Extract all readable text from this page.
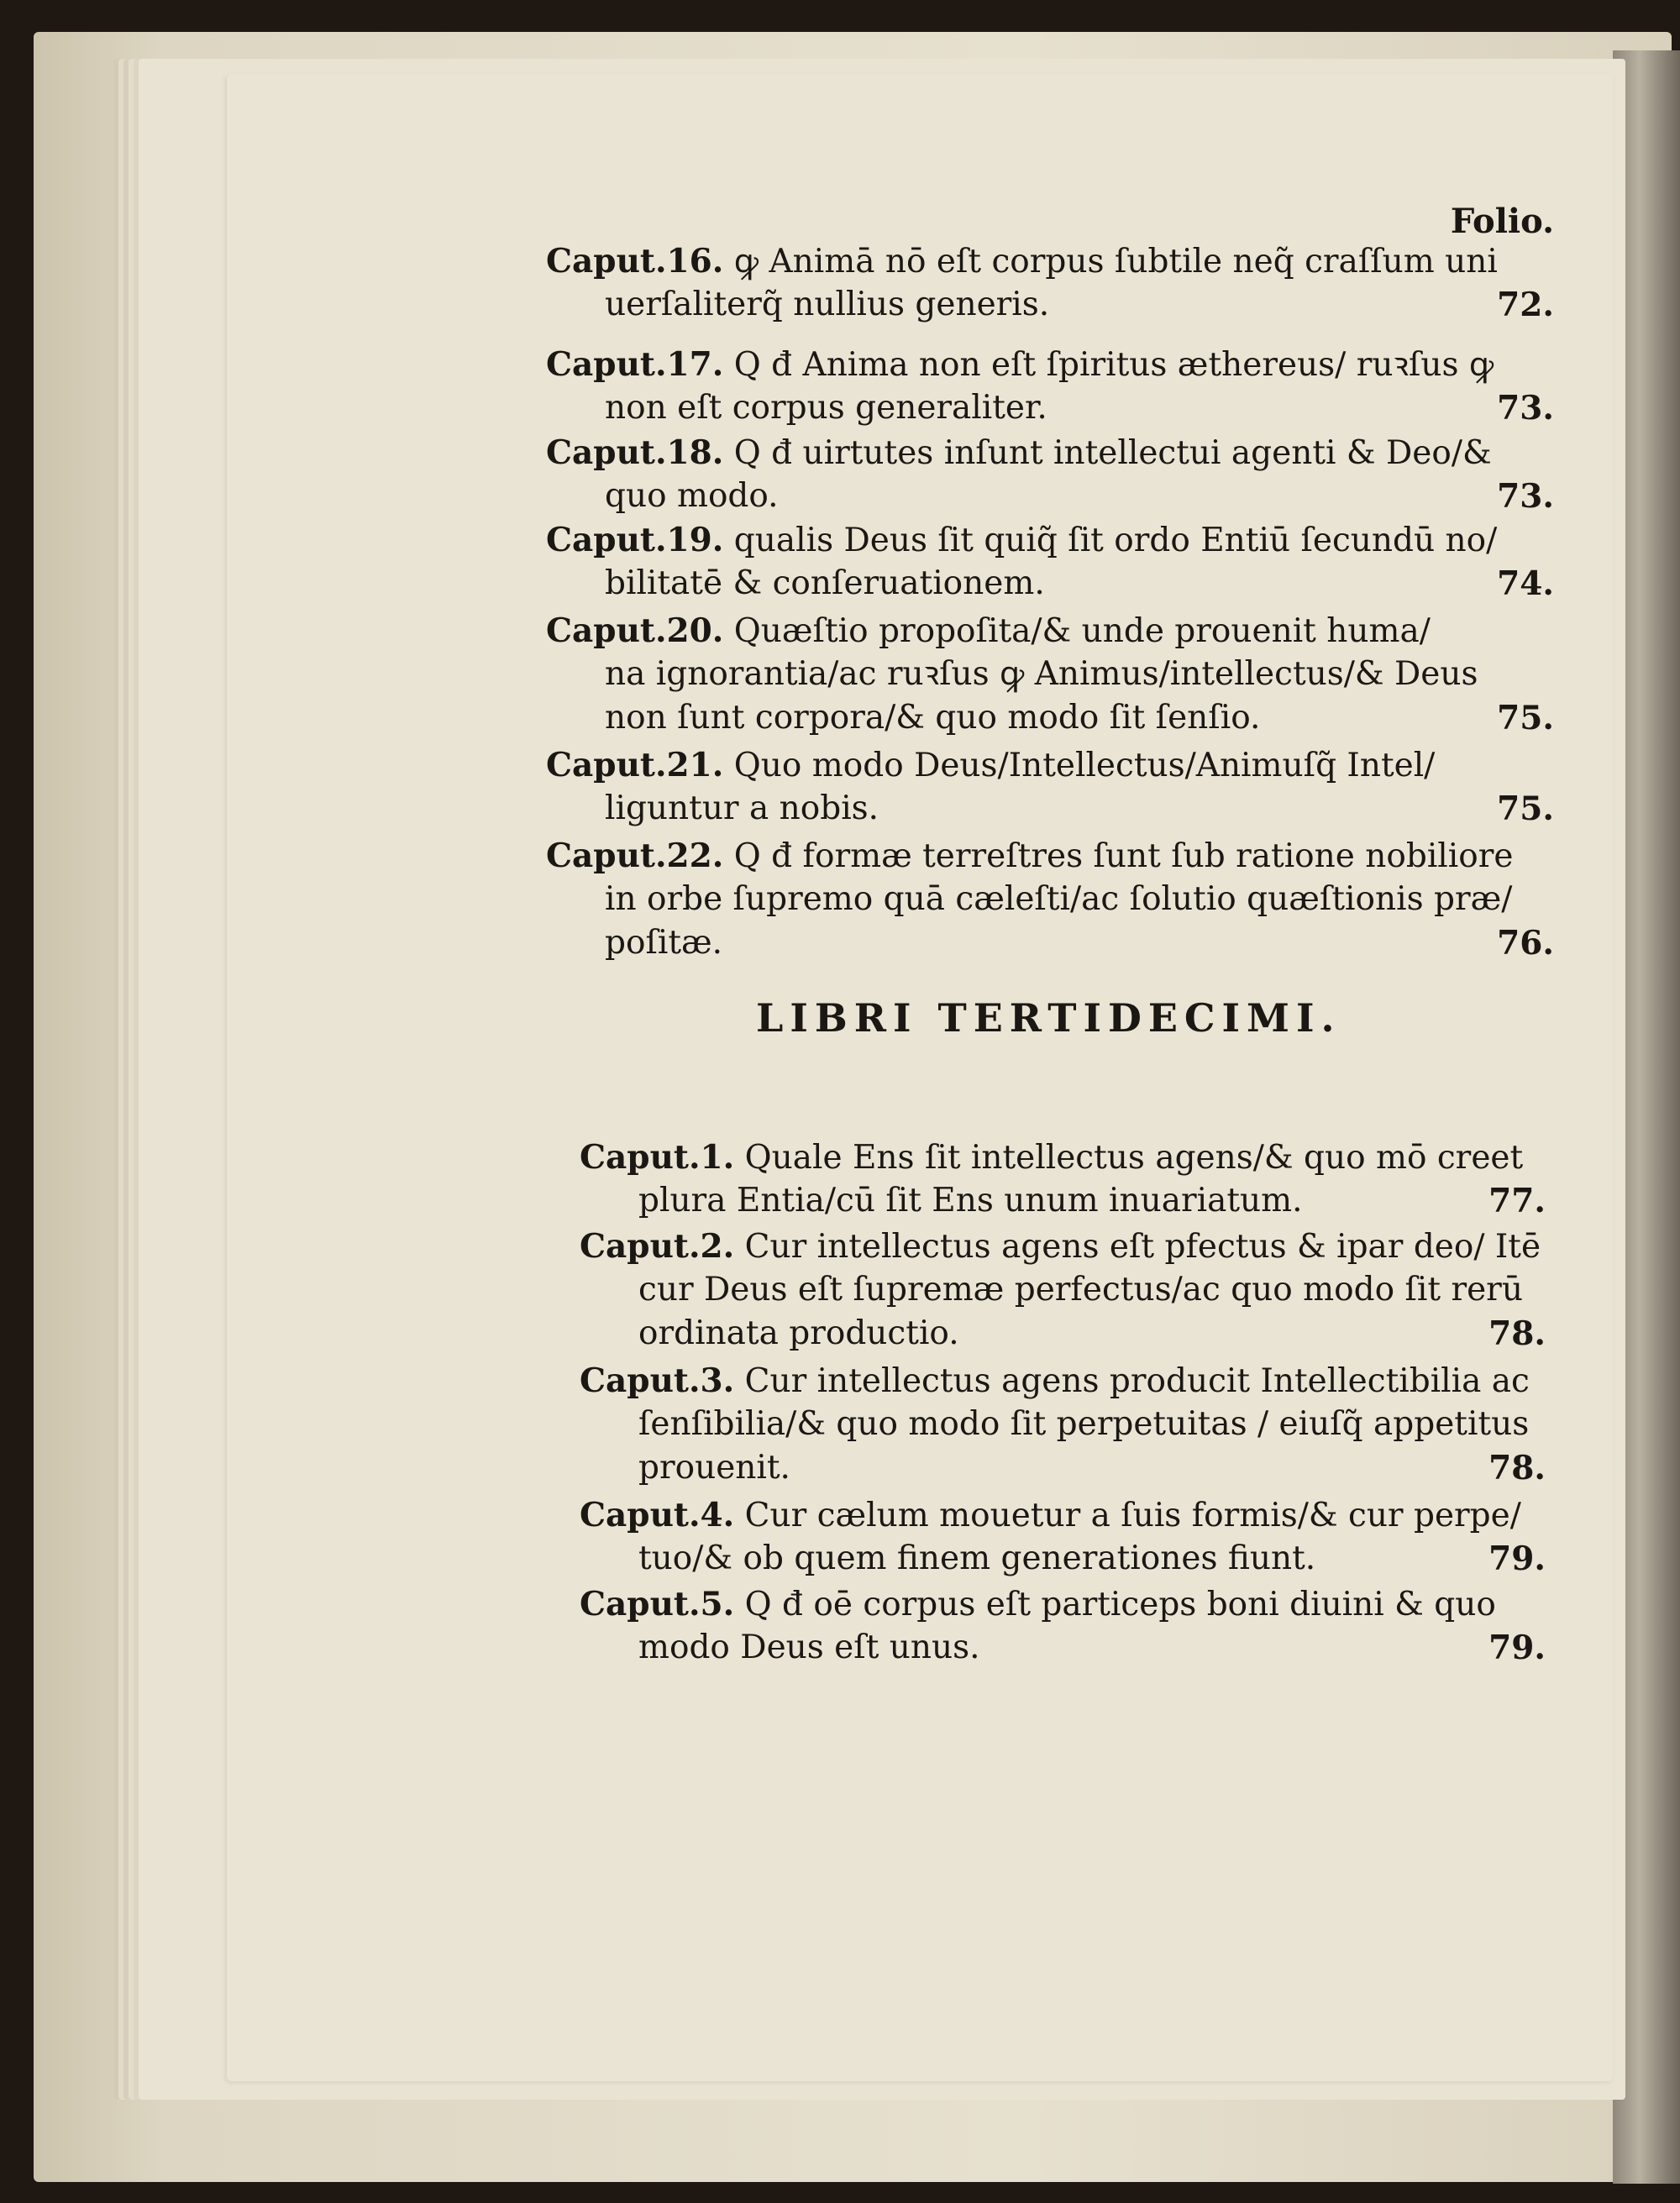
Folio.
Caput.16. ꝙ Animā nō eſt corpus ſubtile neq̃ craſſum uni
uerſaliterq̃ nullius generis.	72.
Caput.17. Q đ Anima non eſt ſpiritus æthereus/ ruꝛſus ꝙ
non eſt corpus generaliter.	73.
Caput.18. Q đ uirtutes inſunt intellectui agenti & Deo/&
quo modo.	73.
Caput.19. qualis Deus ſit quiq̃ ſit ordo Entiū ſecundū no/
bilitatē & conſeruationem.	74.
Caput.20. Quæſtio propoſita/& unde prouenit huma/
na ignorantia/ac ruꝛſus ꝙ Animus/intellectus/& Deus
non ſunt corpora/& quo modo ſit ſenſio.	75.
Caput.21. Quo modo Deus/Intellectus/Animuſq̃ Intel/
liguntur a nobis.	75.
Caput.22. Q đ formæ terreſtres ſunt ſub ratione nobiliore
in orbe ſupremo quā cæleſti/ac ſolutio quæſtionis præ/
poſitæ.	76.
LIBRI TERTIDECIMI.
Caput.1. Quale Ens ſit intellectus agens/& quo mō creet
plura Entia/cū ſit Ens unum inuariatum.	77.
Caput.2. Cur intellectus agens eſt pfectus & ipar deo/ Itē
cur Deus eſt ſupremæ perfectus/ac quo modo ſit rerū
ordinata productio.	78.
Caput.3. Cur intellectus agens producit Intellectibilia ac
ſenſibilia/& quo modo ſit perpetuitas / eiuſq̃ appetitus
prouenit.	78.
Caput.4. Cur cælum mouetur a ſuis formis/& cur perpe/
tuo/& ob quem finem generationes fiunt.	79.
Caput.5. Q đ oē corpus eſt particeps boni diuini & quo
modo Deus eſt unus.	79.
